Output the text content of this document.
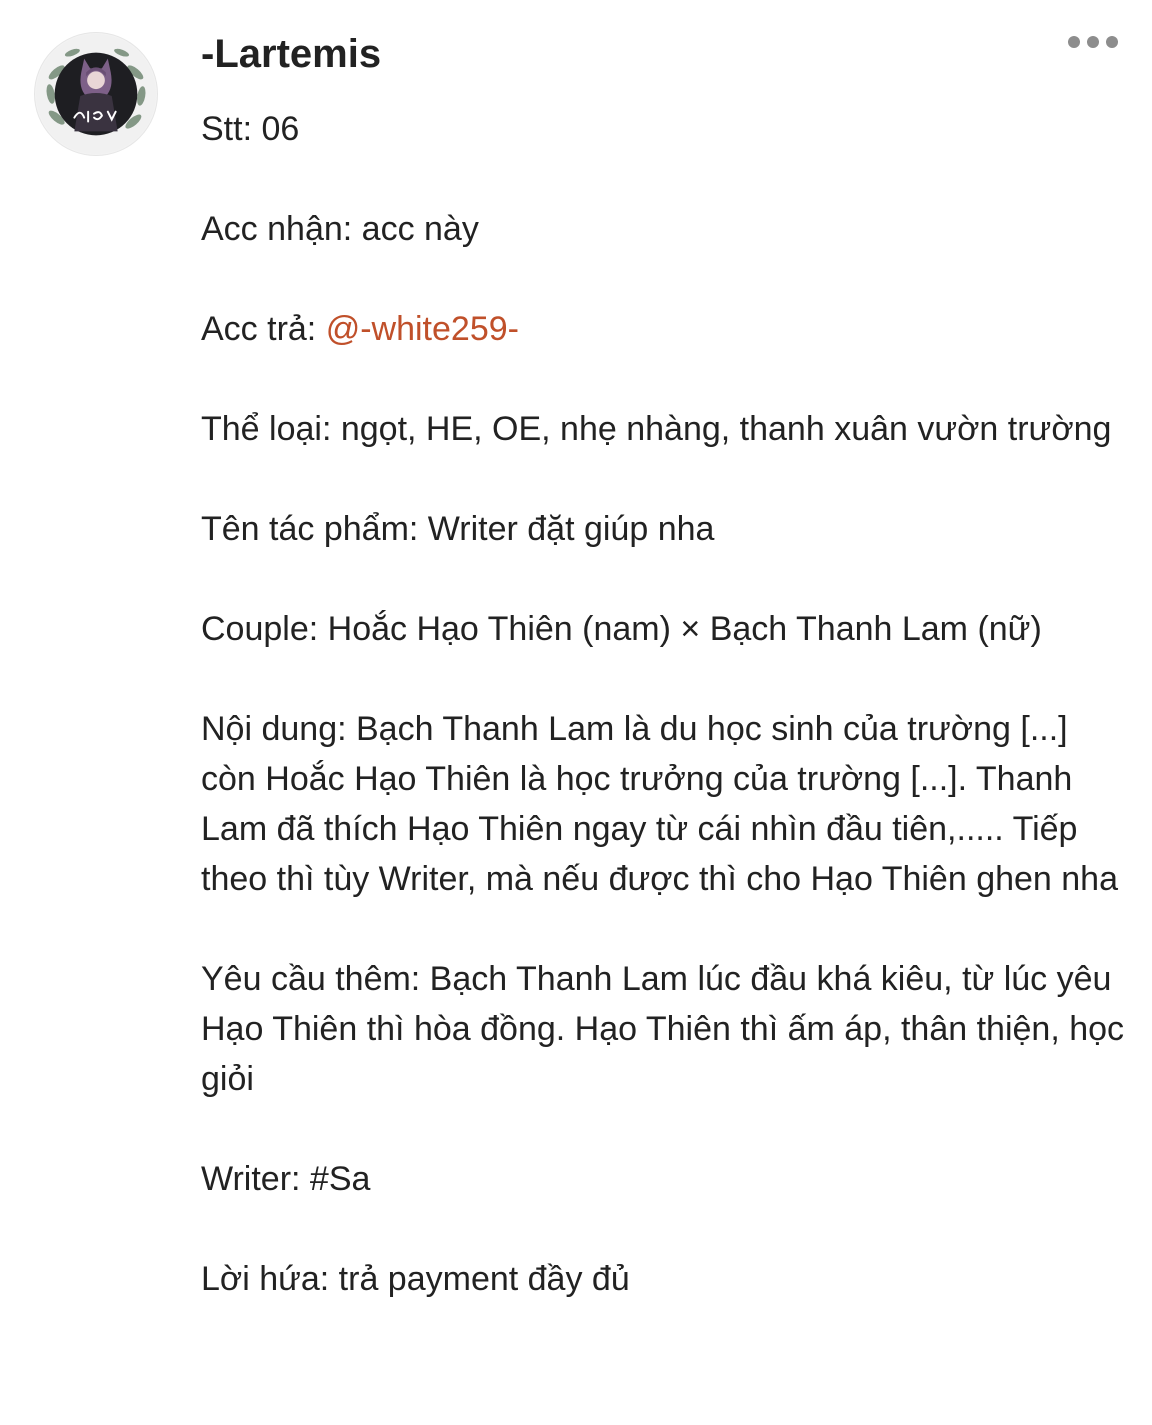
-Lartemis

Stt: 06

Acc nhận: acc này

Acc trả: @-white259-

Thể loại: ngọt, HE, OE, nhẹ nhàng, thanh xuân vườn trường

Tên tác phẩm: Writer đặt giúp nha

Couple: Hoắc Hạo Thiên (nam) × Bạch Thanh Lam (nữ)

Nội dung: Bạch Thanh Lam là du học sinh của trường [...] còn Hoắc Hạo Thiên là học trưởng của trường [...]. Thanh Lam đã thích Hạo Thiên ngay từ cái nhìn đầu tiên,..... Tiếp theo thì tùy Writer, mà nếu được thì cho Hạo Thiên ghen nha

Yêu cầu thêm: Bạch Thanh Lam lúc đầu khá kiêu, từ lúc yêu Hạo Thiên thì hòa đồng. Hạo Thiên thì ấm áp, thân thiện, học giỏi

Writer: #Sa

Lời hứa: trả payment đầy đủ
